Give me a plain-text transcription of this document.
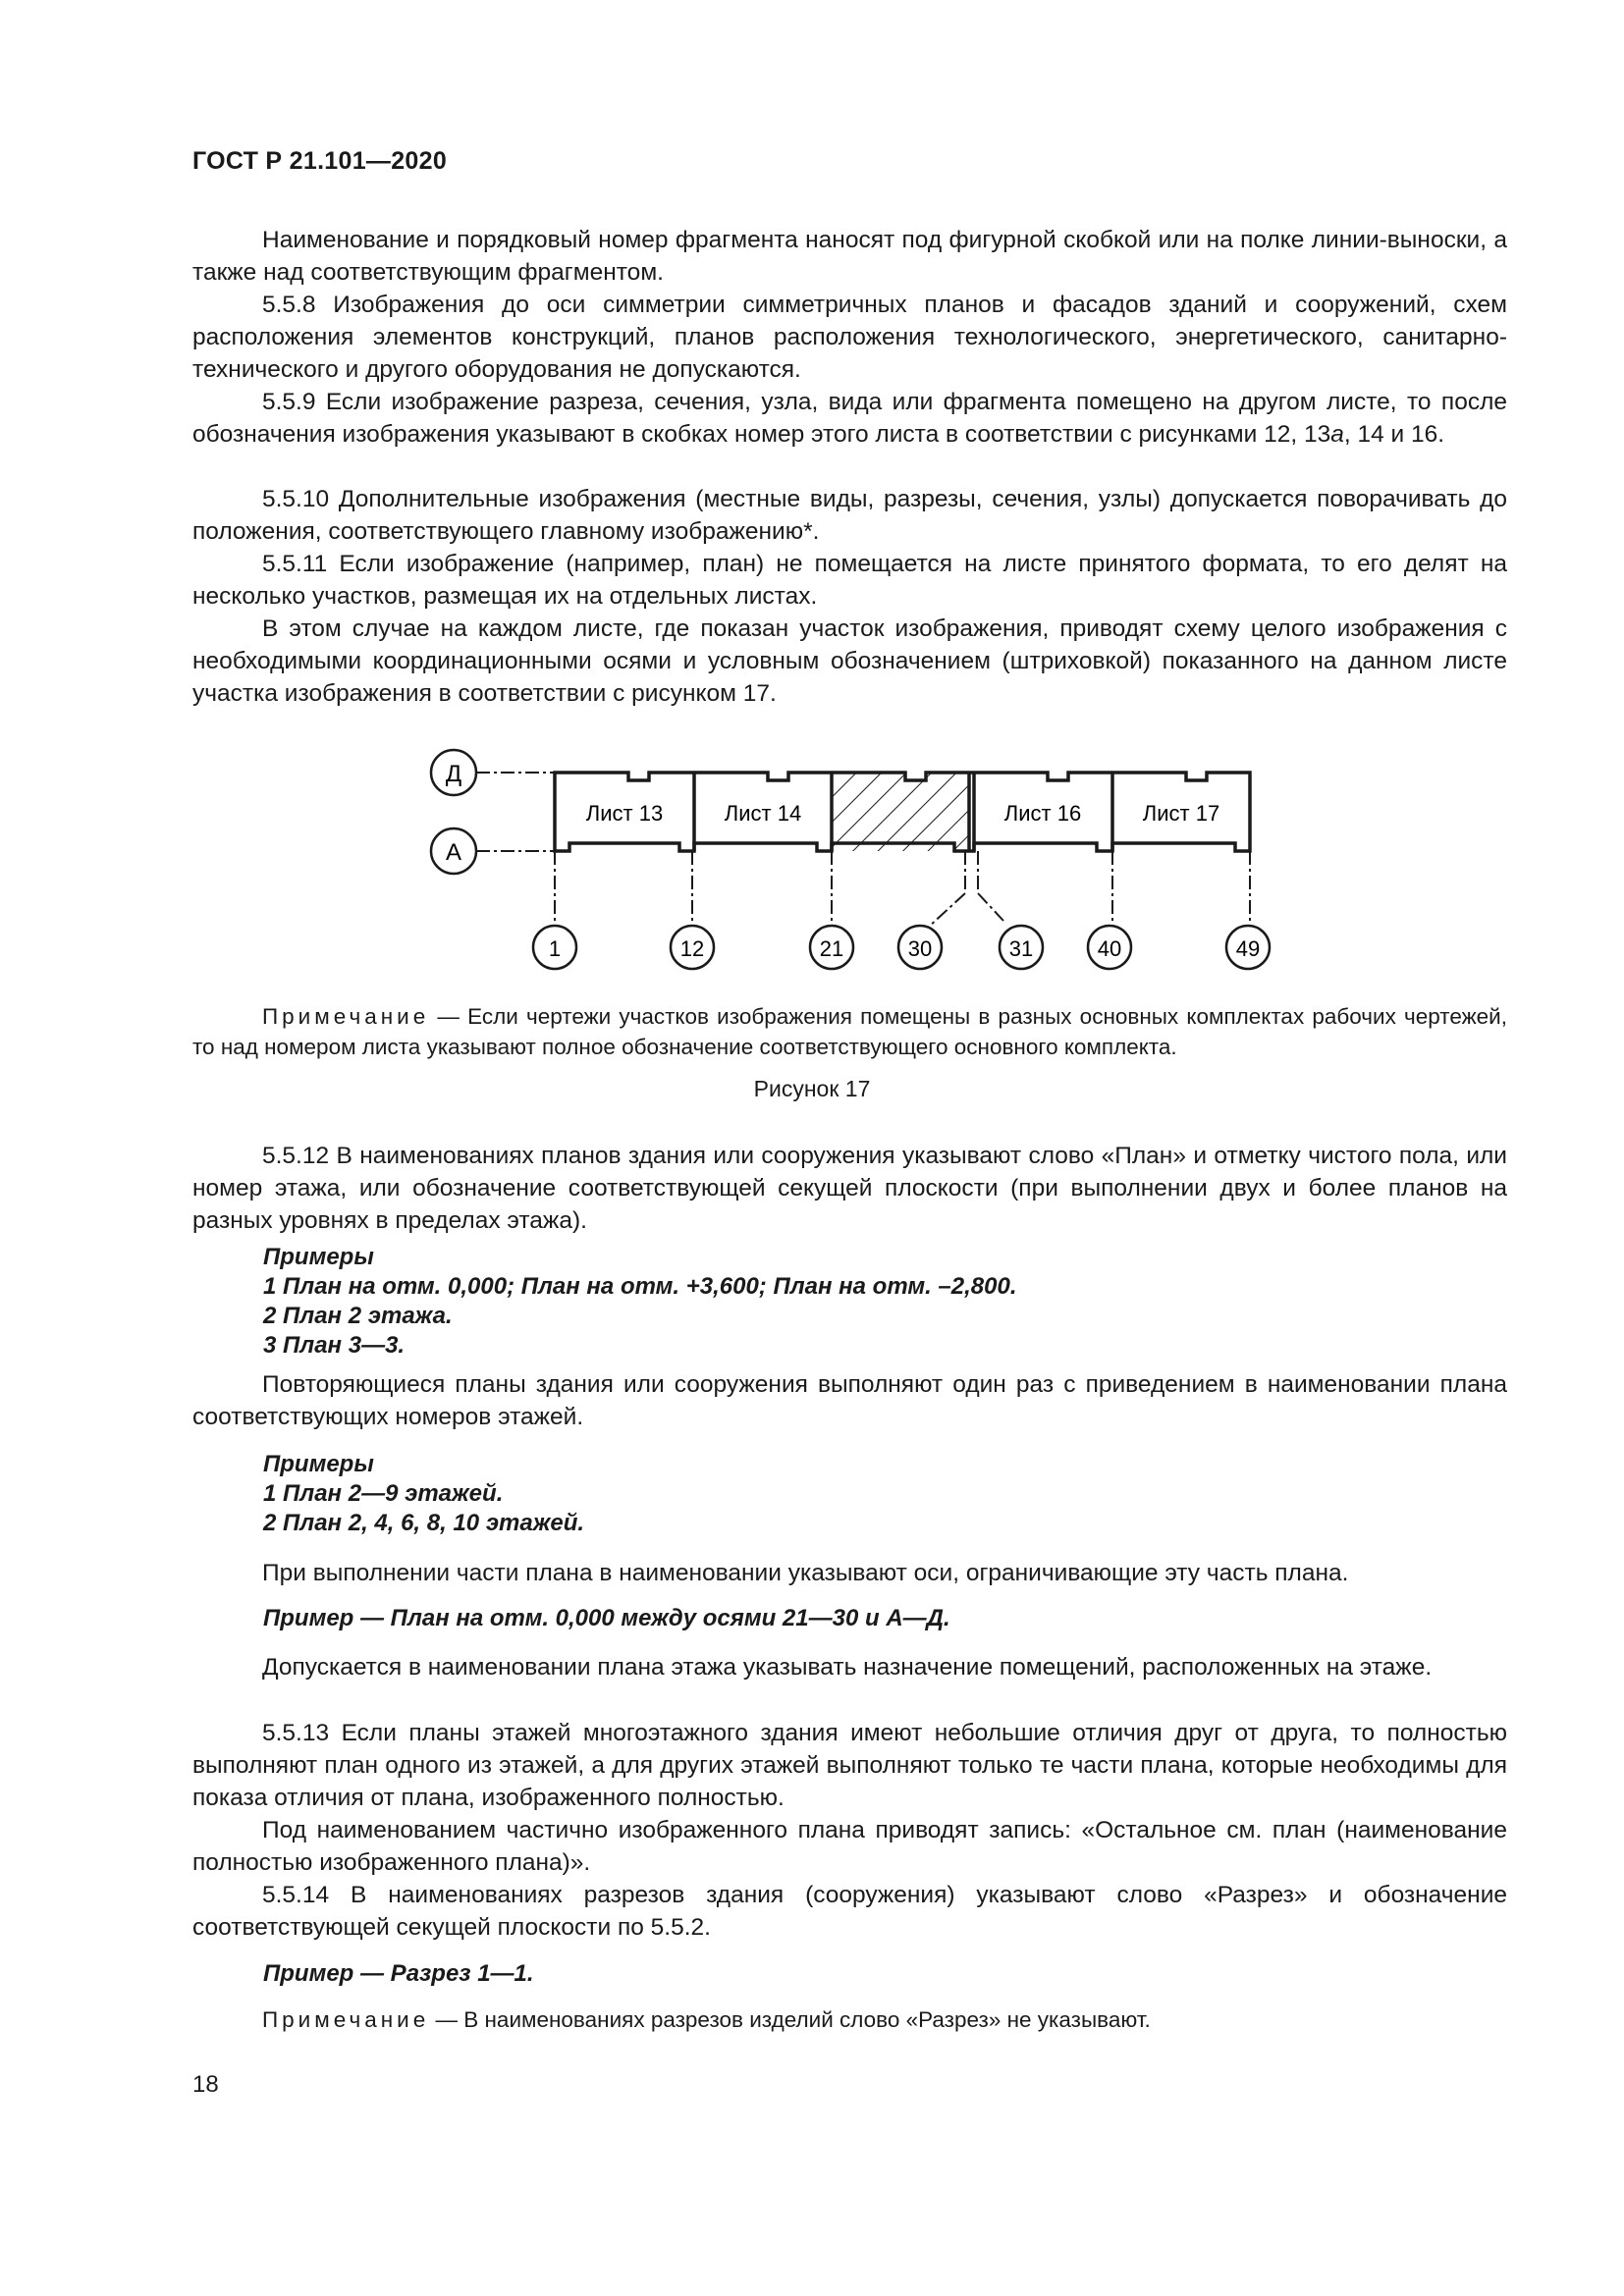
ГОСТ Р 21.101—2020

Наименование и порядковый номер фрагмента наносят под фигурной скобкой или на полке линии-выноски, а также над соответствующим фрагментом.

5.5.8 Изображения до оси симметрии симметричных планов и фасадов зданий и сооружений, схем расположения элементов конструкций, планов расположения технологического, энергетического, санитарно-технического и другого оборудования не допускаются.

5.5.9 Если изображение разреза, сечения, узла, вида или фрагмента помещено на другом листе, то после обозначения изображения указывают в скобках номер этого листа в соответствии с рисунками 12, 13а, 14 и 16.

5.5.10 Дополнительные изображения (местные виды, разрезы, сечения, узлы) допускается поворачивать до положения, соответствующего главному изображению*.

5.5.11 Если изображение (например, план) не помещается на листе принятого формата, то его делят на несколько участков, размещая их на отдельных листах.

В этом случае на каждом листе, где показан участок изображения, приводят схему целого изображения с необходимыми координационными осями и условным обозначением (штриховкой) показанного на данном листе участка изображения в соответствии с рисунком 17.

Д
А
Лист 13	Лист 14	Лист 16	Лист 17
1	12	21	30	31	40	49

Примечание — Если чертежи участков изображения помещены в разных основных комплектах рабочих чертежей, то над номером листа указывают полное обозначение соответствующего основного комплекта.

Рисунок 17

5.5.12 В наименованиях планов здания или сооружения указывают слово «План» и отметку чистого пола, или номер этажа, или обозначение соответствующей секущей плоскости (при выполнении двух и более планов на разных уровнях в пределах этажа).

Примеры
1 План на отм. 0,000; План на отм. +3,600; План на отм. –2,800.
2 План 2 этажа.
3 План 3—3.

Повторяющиеся планы здания или сооружения выполняют один раз с приведением в наименовании плана соответствующих номеров этажей.

Примеры
1 План 2—9 этажей.
2 План 2, 4, 6, 8, 10 этажей.

При выполнении части плана в наименовании указывают оси, ограничивающие эту часть плана.

Пример — План на отм. 0,000 между осями 21—30 и А—Д.

Допускается в наименовании плана этажа указывать назначение помещений, расположенных на этаже.

5.5.13 Если планы этажей многоэтажного здания имеют небольшие отличия друг от друга, то полностью выполняют план одного из этажей, а для других этажей выполняют только те части плана, которые необходимы для показа отличия от плана, изображенного полностью.

Под наименованием частично изображенного плана приводят запись: «Остальное см. план (наименование полностью изображенного плана)».

5.5.14 В наименованиях разрезов здания (сооружения) указывают слово «Разрез» и обозначение соответствующей секущей плоскости по 5.5.2.

Пример — Разрез 1—1.

Примечание — В наименованиях разрезов изделий слово «Разрез» не указывают.

18
